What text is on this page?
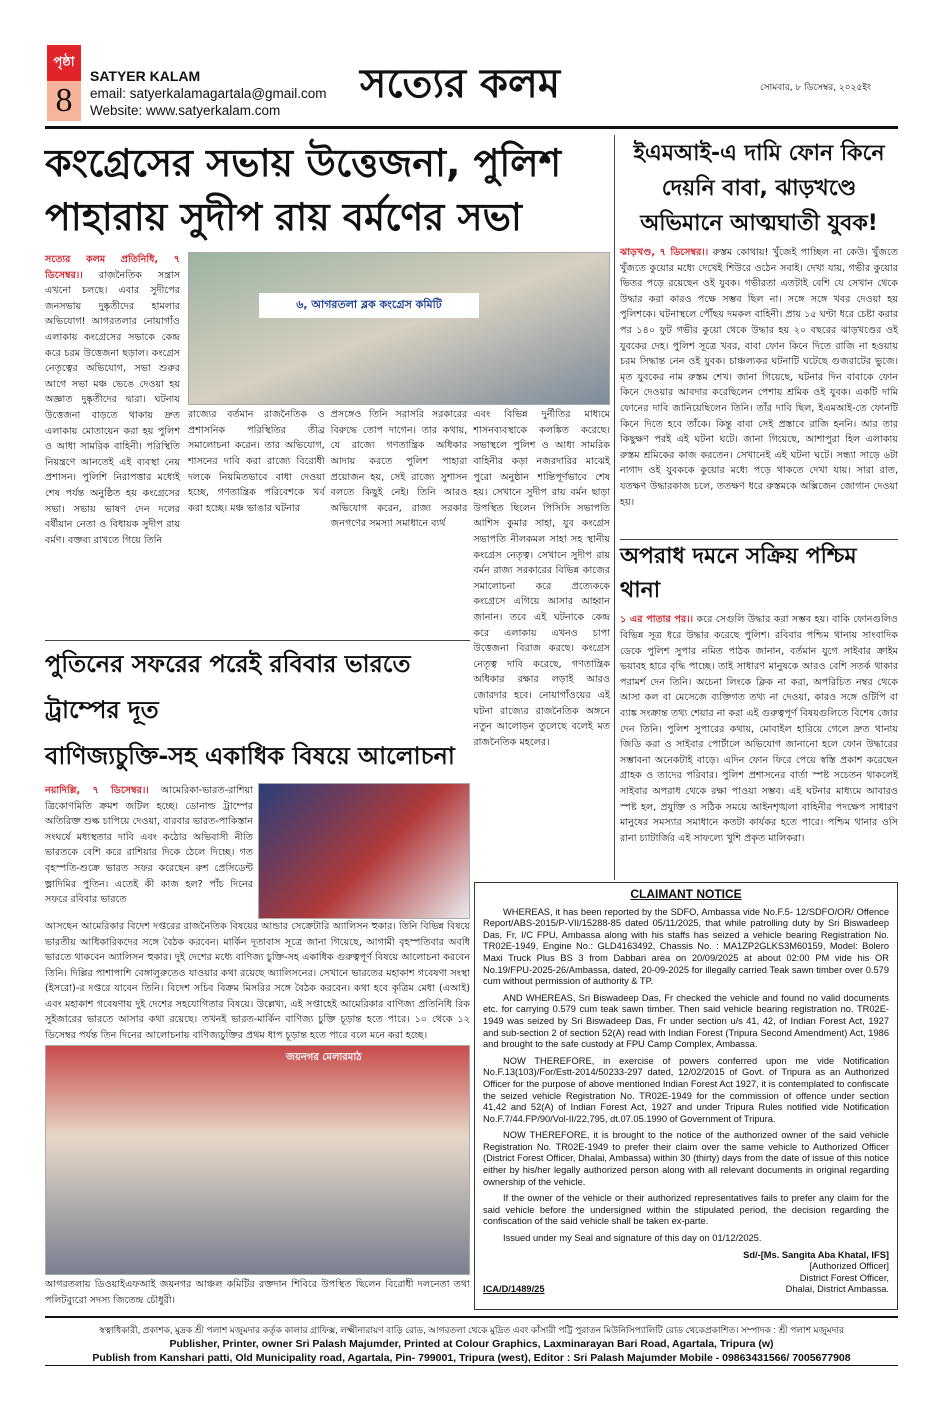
পৃষ্ঠা
8
SATYER KALAM
email: satyerkalamagartala@gmail.com
Website: www.satyerkalam.com
সত্যের কলম	সোমবার, ৮ ডিসেম্বর, ২০২৫ইং
কংগ্রেসের সভায় উত্তেজনা, পুলিশ
পাহারায় সুদীপ রায় বর্মণের সভা
সত্যের কলম প্রতিনিধি, ৭ ডিসেম্বর।। রাজনৈতিক সন্ত্রাস এখনো চলছে। এবার সুদীপের জনসভায় দুষ্কৃতীদের হামলার অভিযোগ! আগরতলার নোয়াগাঁও এলাকায় কংগ্রেসের সভাকে কেন্দ্র করে চরম উত্তেজনা ছড়াল। কংগ্রেস নেতৃত্বের অভিযোগ, সভা শুরুর আগে সভা মঞ্চ ভেঙে দেওয়া হয় অজ্ঞাত দুষ্কৃতীদের দ্বারা। ঘটনায় উত্তেজনা বাড়তে থাকায় দ্রুত এলাকায় মোতায়েন করা হয় পুলিশ ও আধা সামরিক বাহিনী। পরিস্থিতি নিয়ন্ত্রণে আনতেই এই ব্যবস্থা নেয় প্রশাসন। পুলিশি নিরাপত্তার মধ্যেই শেষ পর্যন্ত অনুষ্ঠিত হয় কংগ্রেসের সভা। সভায় ভাষণ দেন দলের বর্ষীয়ান নেতা ও বিধায়ক সুদীপ রায় বর্মণ। বক্তব্য রাখতে গিয়ে তিনি
৬, আগরতলা ব্লক কংগ্রেস কমিটি
রাজ্যের বর্তমান রাজনৈতিক ও প্রশাসনিক পরিস্থিতির তীব্র সমালোচনা করেন। তার অভিযোগ, শাসনের দাবি করা রাজ্যে বিরোধী দলকে নিয়মিতভাবে বাধা দেওয়া হচ্ছে, গণতান্ত্রিক পরিবেশকে খর্ব করা হচ্ছে। মঞ্চ ভাঙার ঘটনার
প্রসঙ্গেও তিনি সরাসরি সরকারের বিরুদ্ধে তোপ দাগেন। তার কথায়, যে রাজ্যে গণতান্ত্রিক অধিকার আদায় করতে পুলিশ পাহারা প্রয়োজন হয়, সেই রাজ্যে সুশাসন বলতে কিছুই নেই। তিনি আরও অভিযোগ করেন, রাজ্য সরকার জনগণের সমস্যা সমাধানে ব্যর্থ
এবং বিভিন্ন দুর্নীতির মাধ্যমে শাসনব্যবস্থাকে কলঙ্কিত করেছে। সভাস্থলে পুলিশ ও আধা সামরিক বাহিনীর কড়া নজরদারির মাঝেই পুরো অনুষ্ঠান শান্তিপূর্ণভাবে শেষ হয়। সেখানে সুদীপ রায় বর্মন ছাড়া উপস্থিত ছিলেন পিসিসি সভাপতি আশিস কুমার সাহা, যুব কংগ্রেস সভাপতি নীলকমল সাহা সহ স্থানীয় কংগ্রেস নেতৃত্ব। সেখানে সুদীপ রায় বর্মন রাজ্য সরকারের বিভিন্ন কাজের সমালোচনা করে প্রত্যেককে কংগ্রেসে এগিয়ে আসার আহ্বান জানান। তবে এই ঘটনাকে কেন্দ্র করে এলাকায় এখনও চাপা উত্তেজনা বিরাজ করছে। কংগ্রেস নেতৃত্ব দাবি করেছে, গণতান্ত্রিক অধিকার রক্ষার লড়াই আরও জোরদার হবে। নোয়াগাঁওয়ের এই ঘটনা রাজ্যের রাজনৈতিক অঙ্গনে নতুন আলোড়ন তুলেছে বলেই মত রাজনৈতিক মহলের।
ইএমআই-এ দামি ফোন কিনে দেয়নি বাবা, ঝাড়খণ্ডে অভিমানে আত্মঘাতী যুবক!
ঝাড়খণ্ড, ৭ ডিসেম্বর।। রুস্তম কোথায়! খুঁজেই পাচ্ছিল না কেউ। খুঁজতে খুঁজতে কুয়োর মধ্যে দেখেই শিউরে ওঠেন সবাই। দেখা যায়, গভীর কুয়োর ভিতর পড়ে রয়েছেন ওই যুবক। গভীরতা এতটাই বেশি যে সেখান থেকে উদ্ধার করা কারও পক্ষে সম্ভব ছিল না। সঙ্গে সঙ্গে খবর দেওয়া হয় পুলিশকে। ঘটনাস্থলে পৌঁছয় দমকল বাহিনী। প্রায় ১৫ ঘণ্টা ধরে চেষ্টা করার পর ১৪০ ফুট গভীর কুয়ো থেকে উদ্ধার হয় ২০ বছরের ঝাড়খণ্ডের ওই যুবকের দেহ। পুলিশ সূত্রে খবর, বাবা ফোন কিনে দিতে রাজি না হওয়ায় চরম সিদ্ধান্ত নেন ওই যুবক। চাঞ্চল্যকর ঘটনাটি ঘটেছে গুজরাটের ভুজে। মৃত যুবকের নাম রুস্তম শেখ। জানা গিয়েছে, ঘটনার দিন বাবাকে ফোন কিনে দেওয়ার আবদার করেছিলেন পেশায় শ্রমিক ওই যুবক। একটি দামি ফোনের দাবি জানিয়েছিলেন তিনি। তাঁর দাবি ছিল, ইএমআই-তে ফোনটি কিনে দিতে হবে তাঁকে। কিন্তু বাবা সেই প্রস্তাবে রাজি হননি। আর তার কিছুক্ষণ পরই এই ঘটনা ঘটে। জানা গিয়েছে, আশাপুরা হিল এলাকায় রুস্তম শ্রমিকের কাজ করতেন। সেখানেই এই ঘটনা ঘটে। সন্ধ্যা সাড়ে ৬টা নাগাদ ওই যুবককে কুয়োর মধ্যে পড়ে থাকতে দেখা যায়। সারা রাত, যতক্ষণ উদ্ধারকাজ চলে, ততক্ষণ ধরে রুস্তমকে অক্সিজেন জোগান দেওয়া হয়।
অপরাধ দমনে সক্রিয় পশ্চিম থানা
১ এর পাতার পর।। করে সেগুলি উদ্ধার করা সম্ভব হয়। বাকি ফোনগুলিও বিভিন্ন সূত্র ধরে উদ্ধার করেছে পুলিশ। রবিবার পশ্চিম থানায় সাংবাদিক ডেকে পুলিশ সুপার নমিত পাঠক জানান, বর্তমান যুগে সাইবার ক্রাইম ভয়াবহ হারে বৃদ্ধি পাচ্ছে। তাই সাধারণ মানুষকে আরও বেশি সতর্ক থাকার পরামর্শ দেন তিনি। অচেনা লিংকে ক্লিক না করা, অপরিচিত নম্বর থেকে আসা কল বা মেসেজে ব্যক্তিগত তথ্য না দেওয়া, কারও সঙ্গে ওটিপি বা ব্যাঙ্ক সংক্রান্ত তথ্য শেয়ার না করা এই গুরুত্বপূর্ণ বিষয়গুলিতে বিশেষ জোর দেন তিনি। পুলিশ সুপারের কথায়, মোবাইল হারিয়ে গেলে দ্রুত থানায় জিডি করা ও সাইবার পোর্টালে অভিযোগ জানানো হলে ফোন উদ্ধারের সম্ভাবনা অনেকটাই বাড়ে। এদিন ফোন ফিরে পেয়ে স্বস্তি প্রকাশ করেছেন গ্রাহক ও তাদের পরিবার। পুলিশ প্রশাসনের বার্তা স্পষ্ট সচেতন থাকলেই সাইবার অপরাধ থেকে রক্ষা পাওয়া সম্ভব। এই ঘটনার মাধ্যমে আবারও স্পষ্ট হল, প্রযুক্তি ও সঠিক সময়ে আইনশৃঙ্খলা বাহিনীর পদক্ষেপ সাধারণ মানুষের সমস্যার সমাধানে কতটা কার্যকর হতে পারে। পশ্চিম থানার ওসি রানা চ্যাটার্জির এই সাফল্যে খুশি প্রকৃত মালিকরা।
পুতিনের সফরের পরেই রবিবার ভারতে ট্রাম্পের দূত
বাণিজ্যচুক্তি-সহ একাধিক বিষয়ে আলোচনা
নয়াদিল্লি, ৭ ডিসেম্বর।। আমেরিকা-ভারত-রাশিয়া ত্রিকোণমিতি ক্রমশ জটিল হচ্ছে। ডোনাল্ড ট্রাম্পের অতিরিক্ত শুল্ক চাপিয়ে দেওয়া, বারবার ভারত-পাকিস্তান সংঘর্ষে মধ্যস্থতার দাবি এবং কঠোর অভিবাসী নীতি ভারতকে বেশি করে রাশিয়ার দিকে ঠেলে দিচ্ছে। গত বৃহস্পতি-শুক্রে ভারত সফর করেছেন রুশ প্রেসিডেন্ট ভ্লাদিমির পুতিন। এতেই কী কাজ হল? পাঁচ দিনের সফরে রবিবার ভারতে
আসছেন আমেরিকার বিদেশ দপ্তরের রাজনৈতিক বিষয়ের আন্ডার সেক্রেটারি অ্যালিসন হুকার। তিনি বিভিন্ন বিষয়ে ভারতীয় আধিকারিকদের সঙ্গে বৈঠক করবেন। মার্কিন দূতাবাস সূত্রে জানা গিয়েছে, আগামী বৃহস্পতিবার অবধি ভারতে থাকবেন অ্যালিসন হুকার। দুই দেশের মধ্যে বাণিজ্য চুক্তি-সহ একাধিক গুরুত্বপূর্ণ বিষয়ে আলোচনা করবেন তিনি। দিল্লির পাশাপাশি বেঙ্গালুরুতেও যাওয়ার কথা রয়েছে অ্যালিসনের। সেখানে ভারতের মহাকাশ গবেষণা সংস্থা (ইসরো)-র দপ্তরে যাবেন তিনি। বিদেশ সচিব বিক্রম মিসরির সঙ্গে বৈঠক করবেন। কথা হবে কৃত্রিম মেধা (এআই) এবং মহাকাশ গবেষণায় দুই দেশের সহযোগিতার বিষয়ে। উল্লেখ্য, এই সপ্তাহেই আমেরিকার বাণিজ্য প্রতিনিধি রিক সুইজারের ভারতে আসার কথা রয়েছে। তখনই ভারত-মার্কিন বাণিজ্য চুক্তি চূড়ান্ত হতে পারে। ১০ থেকে ১২ ডিসেম্বর পর্যন্ত তিন দিনের আলোচনায় বাণিজ্যচুক্তির প্রথম ধাপ চূড়ান্ত হতে পারে বলে মনে করা হচ্ছে।
জয়নগর মেলারমাঠ
আগরতলায় ডিওয়াইএফআই জয়নগর আঞ্চল কমিটির রক্তদান শিবিরে উপস্থিত ছিলেন বিরোধী দলনেতা তথা পলিটব্যুরো সদস্য জিতেন্দ্র চৌধুরী।

CLAIMANT NOTICE

WHEREAS, it has been reported by the SDFO, Ambassa vide No.F.5- 12/SDFO/OR/ Offence Report/ABS-2015/P-VII/15288-85 dated 05/11/2025, that while patrolling duty by Sri Biswadeep Das, Fr, I/C FPU, Ambassa along with his staffs has seized a vehicle bearing Registration No. TR02E-1949, Engine No.: GLD4163492, Chassis No. : MA1ZP2GLKS3M60159, Model: Bolero Maxi Truck Plus BS 3 from Dabbari area on 20/09/2025 at about 02:00 PM vide his OR No.19/FPU-2025-26/Ambassa, dated, 20-09-2025 for illegally carried Teak sawn timber over 0.579 cum without permission of authority & TP.

AND WHEREAS, Sri Biswadeep Das, Fr checked the vehicle and found no valid documents etc. for carrying 0.579 cum teak sawn timber. Then said vehicle bearing registration no. TR02E-1949 was seized by Sri Biswadeep Das, Fr under section u/s 41, 42, of Indian Forest Act, 1927 and sub-section 2 of section 52(A) read with Indian Forest (Tripura Second Amendment) Act, 1986 and brought to the safe custody at FPU Camp Complex, Ambassa.

NOW THEREFORE, in exercise of powers conferred upon me vide Notification No.F.13(103)/For/Estt-2014/50233-297 dated, 12/02/2015 of Govt. of Tripura as an Authorized Officer for the purpose of above mentioned Indian Forest Act 1927, it is contemplated to confiscate the seized vehicle Registration No. TR02E-1949 for the commission of offence under section 41,42 and 52(A) of Indian Forest Act, 1927 and under Tripura Rules notified vide Notification No.F.7/44.FP/90/Vol-II/22,795, dt.07.05.1990 of Government of Tripura.

NOW THEREFORE, it is brought to the notice of the authorized owner of the said vehicle Registration No. TR02E-1949 to prefer their claim over the same vehicle to Authorized Officer (District Forest Officer, Dhalai, Ambassa) within 30 (thirty) days from the date of issue of this notice either by his/her legally authorized person along with all relevant documents in original regarding ownership of the vehicle.

If the owner of the vehicle or their authorized representatives fails to prefer any claim for the said vehicle before the undersigned within the stipulated period, the decision regarding the confiscation of the said vehicle shall be taken ex-parte.

Issued under my Seal and signature of this day on 01/12/2025.

Sd/-[Ms. Sangita Aba Khatal, IFS]

[Authorized Officer]

District Forest Officer,

ICA/D/1489/25	Dhalai, District Ambassa.
স্বত্বাধিকারী, প্রকাশক, মুদ্রক শ্রী পলাশ মজুমদার কর্তৃক কালার গ্রাফিক্স, লক্ষ্মীনারায়ণ বাড়ি রোড, আগরতলা থেকে মুদ্রিত এবং কাঁসারী পট্টি পুরাতন মিউনিসিপ্যালিটি রোড থেকেপ্রকাশিত। সম্পাদক : শ্রী পলাশ মজুমদার
Publisher, Printer, owner Sri Palash Majumder, Printed at Colour Graphics, Laxminarayan Bari Road, Agartala, Tripura (w)
Publish from Kanshari patti, Old Municipality road, Agartala, Pin- 799001, Tripura (west), Editor : Sri Palash Majumder Mobile - 09863431566/ 7005677908
